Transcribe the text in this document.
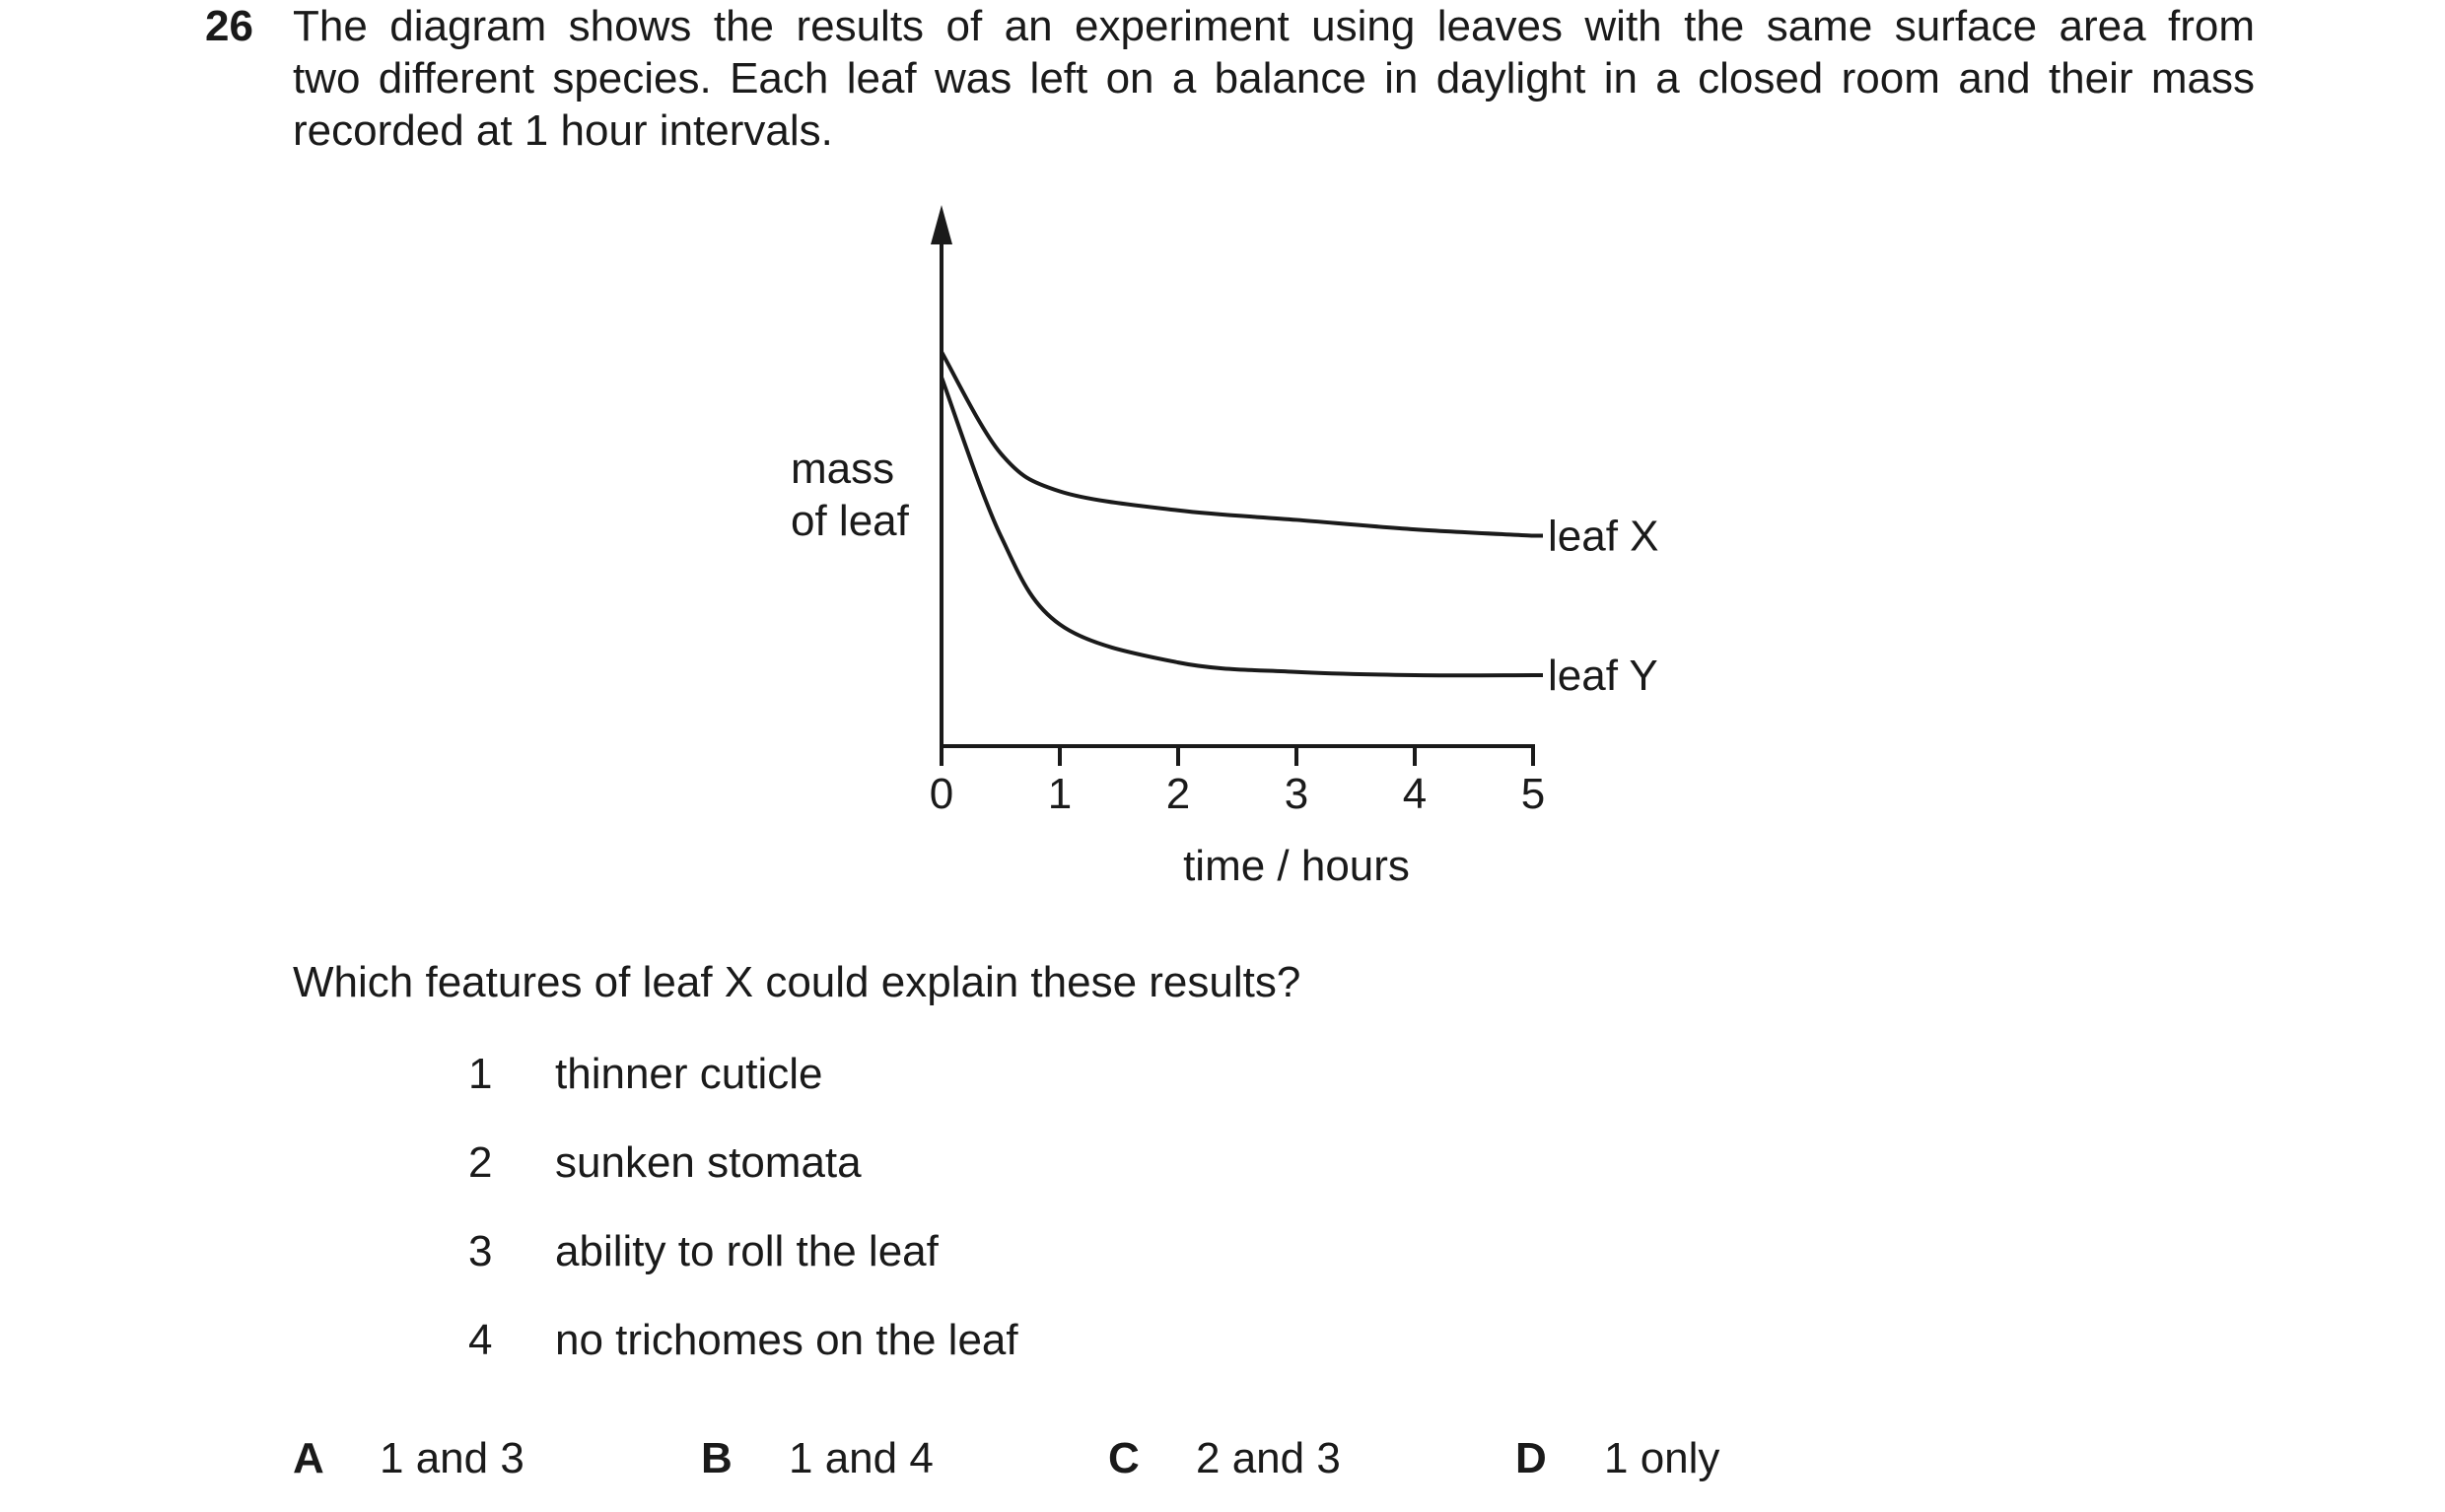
26 The diagram shows the results of an experiment using leaves with the same surface area from
two different species. Each leaf was left on a balance in daylight in a closed room and their mass
recorded at 1 hour intervals.
0 1 2 3 4 5
time / hours
mass
of leaf	leaf X
leaf Y
Which features of leaf X could explain these results?
1 thinner cuticle
2 sunken stomata
3 ability to roll the leaf
4 no trichomes on the leaf
A 1 and 3	B 1 and 4	C 2 and 3	D 1 only
